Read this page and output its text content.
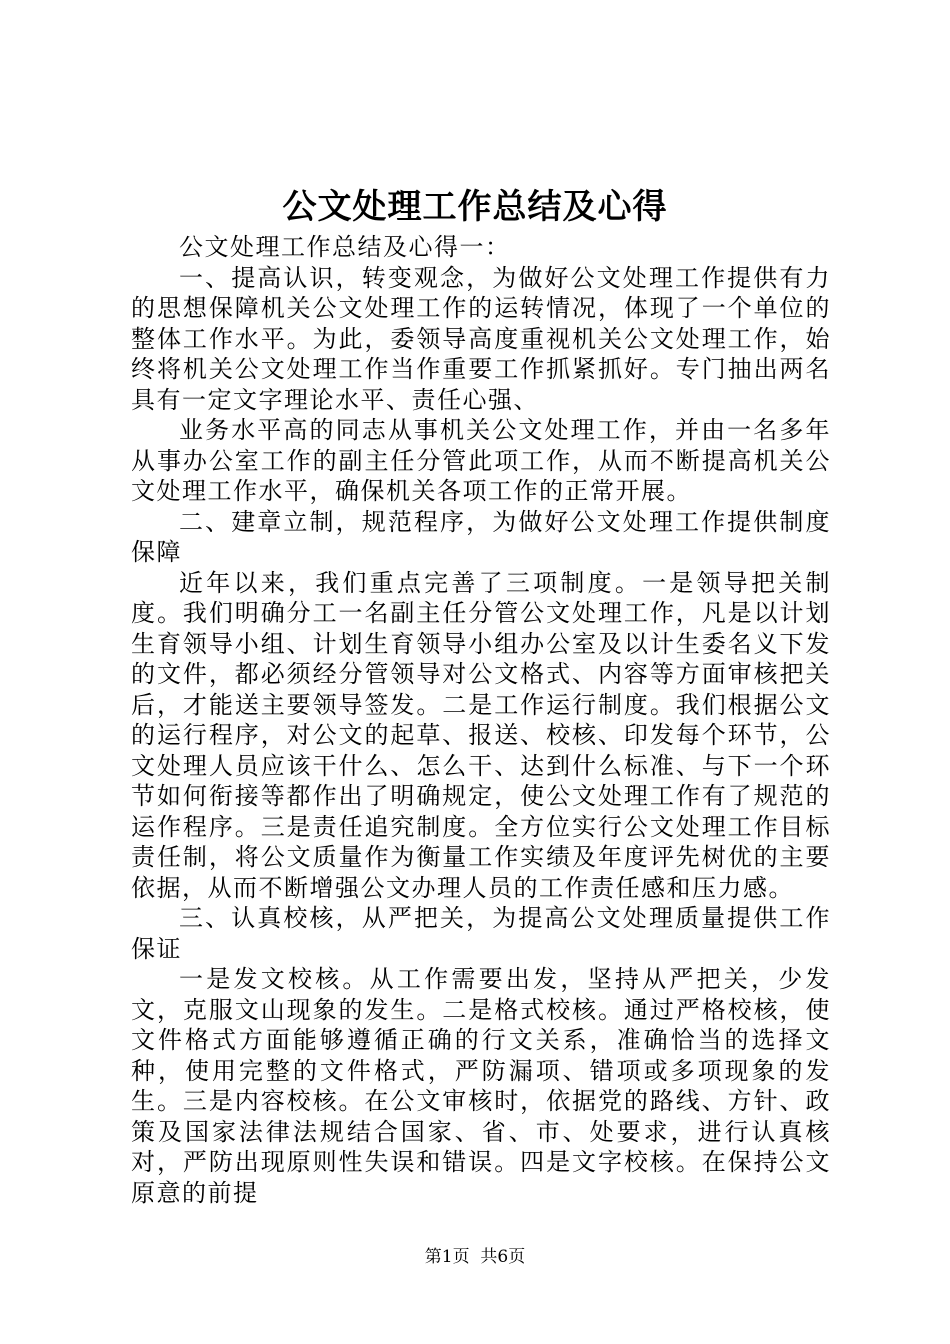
公文处理工作总结及心得

公文处理工作总结及心得一：

一、提高认识，转变观念，为做好公文处理工作提供有力的思想保障机关公文处理工作的运转情况，体现了一个单位的整体工作水平。为此，委领导高度重视机关公文处理工作，始终将机关公文处理工作当作重要工作抓紧抓好。专门抽出两名具有一定文字理论水平、责任心强、

业务水平高的同志从事机关公文处理工作，并由一名多年从事办公室工作的副主任分管此项工作，从而不断提高机关公文处理工作水平，确保机关各项工作的正常开展。

二、建章立制，规范程序，为做好公文处理工作提供制度保障

近年以来，我们重点完善了三项制度。一是领导把关制度。我们明确分工一名副主任分管公文处理工作，凡是以计划生育领导小组、计划生育领导小组办公室及以计生委名义下发的文件，都必须经分管领导对公文格式、内容等方面审核把关后，才能送主要领导签发。二是工作运行制度。我们根据公文的运行程序，对公文的起草、报送、校核、印发每个环节，公文处理人员应该干什么、怎么干、达到什么标准、与下一个环节如何衔接等都作出了明确规定，使公文处理工作有了规范的运作程序。三是责任追究制度。全方位实行公文处理工作目标责任制，将公文质量作为衡量工作实绩及年度评先树优的主要依据，从而不断增强公文办理人员的工作责任感和压力感。

三、认真校核，从严把关，为提高公文处理质量提供工作保证

一是发文校核。从工作需要出发，坚持从严把关，少发文，克服文山现象的发生。二是格式校核。通过严格校核，使文件格式方面能够遵循正确的行文关系，准确恰当的选择文种，使用完整的文件格式，严防漏项、错项或多项现象的发生。三是内容校核。在公文审核时，依据党的路线、方针、政策及国家法律法规结合国家、省、市、处要求，进行认真核对，严防出现原则性失误和错误。四是文字校核。在保持公文原意的前提

第1页 共6页
